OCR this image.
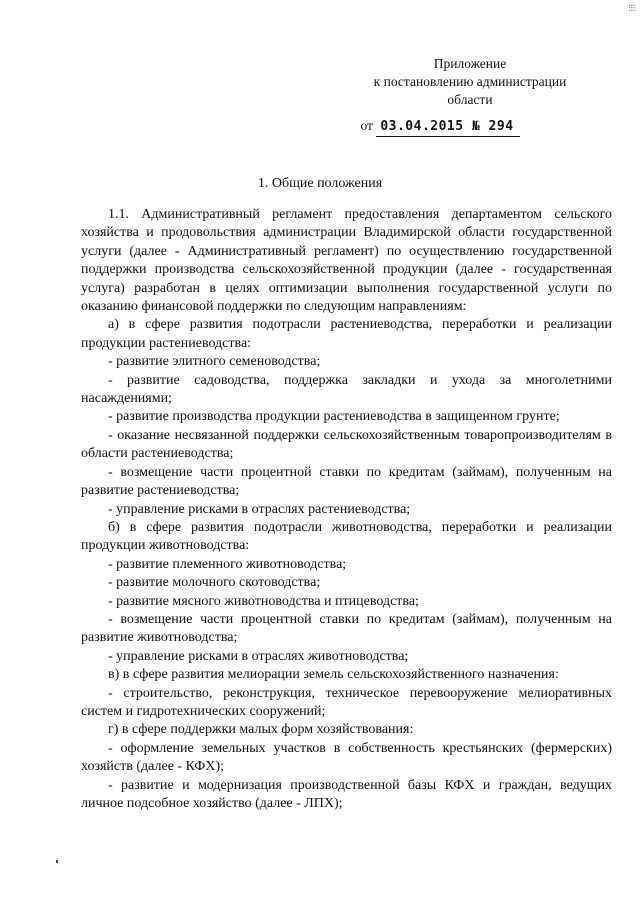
⁞⁞⁞
Приложение
к постановлению администрации
области
от 03.04.2015 № 294
1. Общие положения

1.1. Административный регламент предоставления департаментом сельского хозяйства и продовольствия администрации Владимирской области государственной услуги (далее - Административный регламент) по осуществлению государственной поддержки производства сельскохозяйственной продукции (далее - государственная услуга) разработан в целях оптимизации выполнения государственной услуги по оказанию финансовой поддержки по следующим направлениям:

а) в сфере развития подотрасли растениеводства, переработки и реализации продукции растениеводства:

- развитие элитного семеноводства;

- развитие садоводства, поддержка закладки и ухода за многолетними насаждениями;

- развитие производства продукции растениеводства в защищенном грунте;

- оказание несвязанной поддержки сельскохозяйственным товаропроизводителям в области растениеводства;

- возмещение части процентной ставки по кредитам (займам), полученным на развитие растениеводства;

- управление рисками в отраслях растениеводства;

б) в сфере развития подотрасли животноводства, переработки и реализации продукции животноводства:

- развитие племенного животноводства;

- развитие молочного скотоводства;

- развитие мясного животноводства и птицеводства;

- возмещение части процентной ставки по кредитам (займам), полученным на развитие животноводства;

- управление рисками в отраслях животноводства;

в) в сфере развития мелиорации земель сельскохозяйственного назначения:

- строительство, реконструкция, техническое перевооружение мелиоративных систем и гидротехнических сооружений;

г) в сфере поддержки малых форм хозяйствования:

- оформление земельных участков в собственность крестьянских (фермерских) хозяйств (далее - КФХ);

- развитие и модернизация производственной базы КФХ и граждан, ведущих личное подсобное хозяйство (далее - ЛПХ);
